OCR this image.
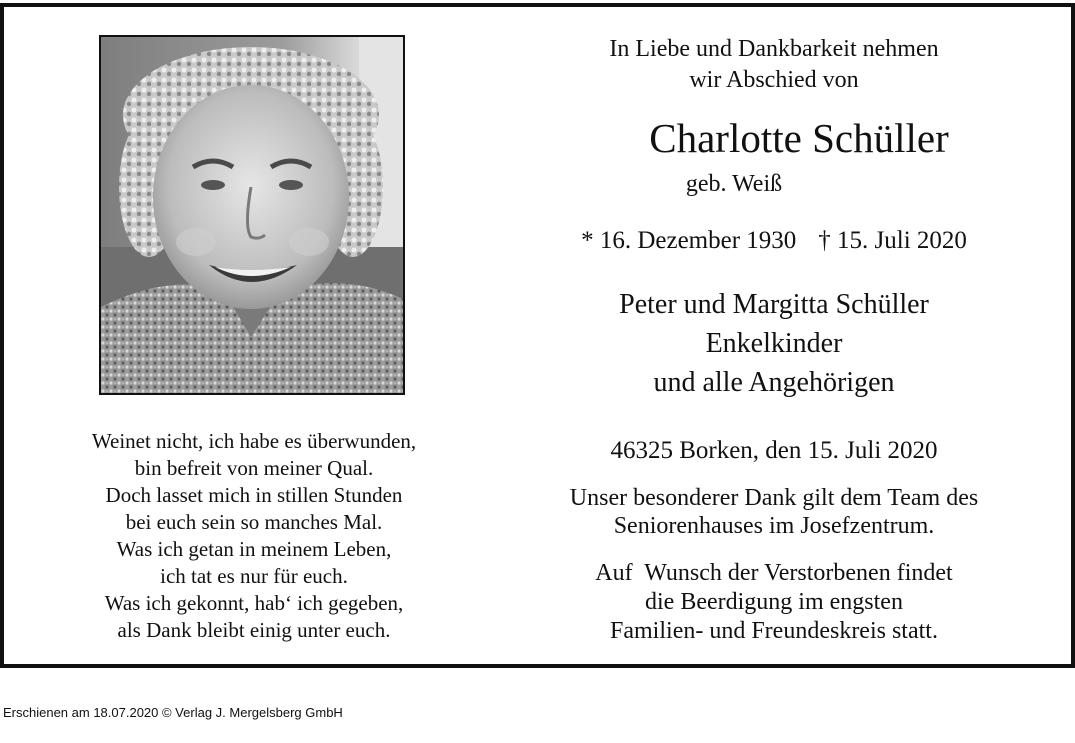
Weinet nicht, ich habe es überwunden,
bin befreit von meiner Qual.
Doch lasset mich in stillen Stunden
bei euch sein so manches Mal.
Was ich getan in meinem Leben,
ich tat es nur für euch.
Was ich gekonnt, hab‘ ich gegeben,
als Dank bleibt einig unter euch.
In Liebe und Dankbarkeit nehmen
wir Abschied von
Charlotte Schüller
geb. Weiß
* 16. Dezember 1930 † 15. Juli 2020
Peter und Margitta Schüller
Enkelkinder
und alle Angehörigen
46325 Borken, den 15. Juli 2020
Unser besonderer Dank gilt dem Team des
Seniorenhauses im Josefzentrum.
Auf  Wunsch der Verstorbenen findet
die Beerdigung im engsten
Familien- und Freundeskreis statt.
Erschienen am 18.07.2020 © Verlag J. Mergelsberg GmbH
